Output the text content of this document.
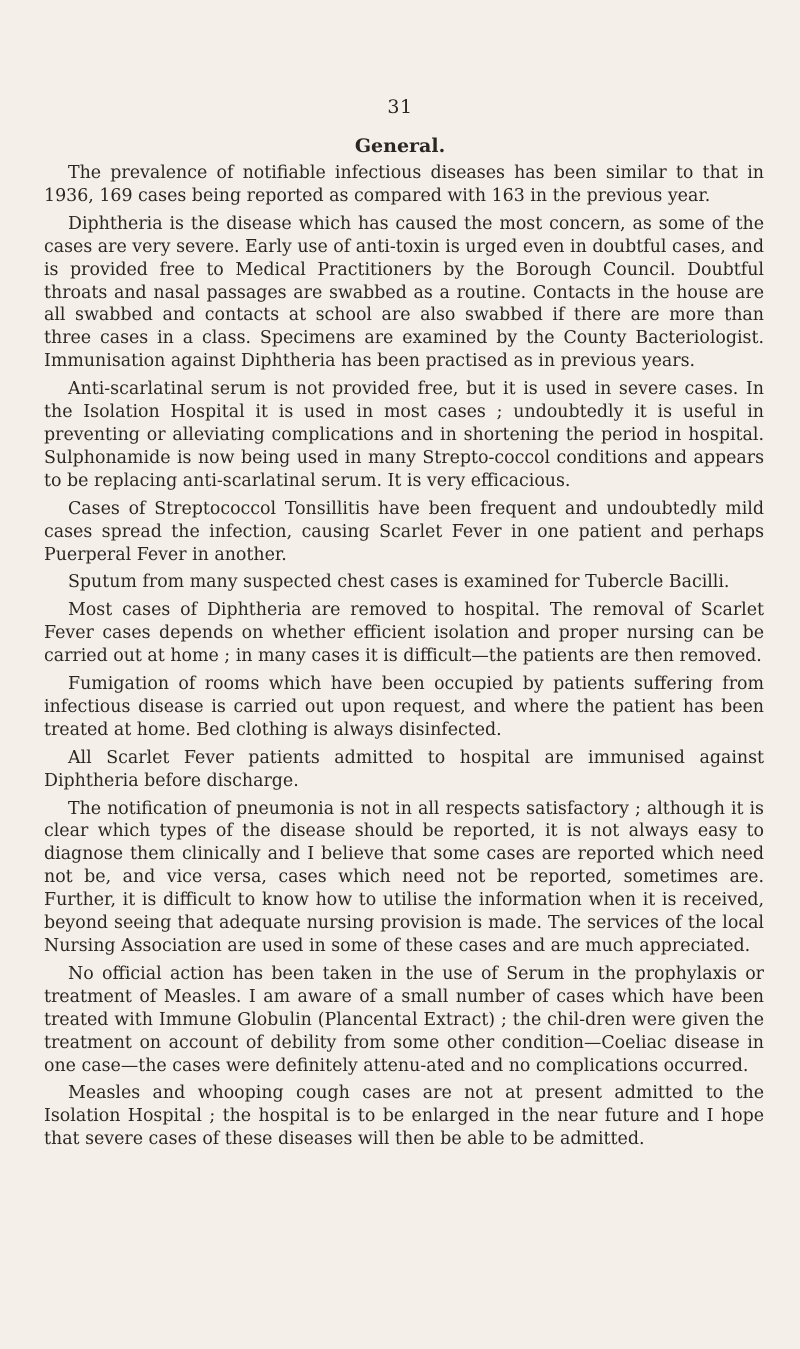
31
General.

The prevalence of notifiable infectious diseases has been similar to that in 1936, 169 cases being reported as compared with 163 in the previous year.

Diphtheria is the disease which has caused the most concern, as some of the cases are very severe. Early use of anti-toxin is urged even in doubtful cases, and is provided free to Medical Practitioners by the Borough Council. Doubtful throats and nasal passages are swabbed as a routine. Contacts in the house are all swabbed and contacts at school are also swabbed if there are more than three cases in a class. Specimens are examined by the County Bacteriologist. Immunisation against Diphtheria has been practised as in previous years.

Anti-scarlatinal serum is not provided free, but it is used in severe cases. In the Isolation Hospital it is used in most cases ; undoubtedly it is useful in preventing or alleviating complications and in shortening the period in hospital. Sulphonamide is now being used in many Strepto-coccol conditions and appears to be replacing anti-scarlatinal serum. It is very efficacious.

Cases of Streptococcol Tonsillitis have been frequent and undoubtedly mild cases spread the infection, causing Scarlet Fever in one patient and perhaps Puerperal Fever in another.

Sputum from many suspected chest cases is examined for Tubercle Bacilli.

Most cases of Diphtheria are removed to hospital. The removal of Scarlet Fever cases depends on whether efficient isolation and proper nursing can be carried out at home ; in many cases it is difficult—the patients are then removed.

Fumigation of rooms which have been occupied by patients suffering from infectious disease is carried out upon request, and where the patient has been treated at home. Bed clothing is always disinfected.

All Scarlet Fever patients admitted to hospital are immunised against Diphtheria before discharge.

The notification of pneumonia is not in all respects satisfactory ; although it is clear which types of the disease should be reported, it is not always easy to diagnose them clinically and I believe that some cases are reported which need not be, and vice versa, cases which need not be reported, sometimes are. Further, it is difficult to know how to utilise the information when it is received, beyond seeing that adequate nursing provision is made. The services of the local Nursing Association are used in some of these cases and are much appreciated.

No official action has been taken in the use of Serum in the prophylaxis or treatment of Measles. I am aware of a small number of cases which have been treated with Immune Globulin (Plancental Extract) ; the chil-dren were given the treatment on account of debility from some other condition—Coeliac disease in one case—the cases were definitely attenu-ated and no complications occurred.

Measles and whooping cough cases are not at present admitted to the Isolation Hospital ; the hospital is to be enlarged in the near future and I hope that severe cases of these diseases will then be able to be admitted.
